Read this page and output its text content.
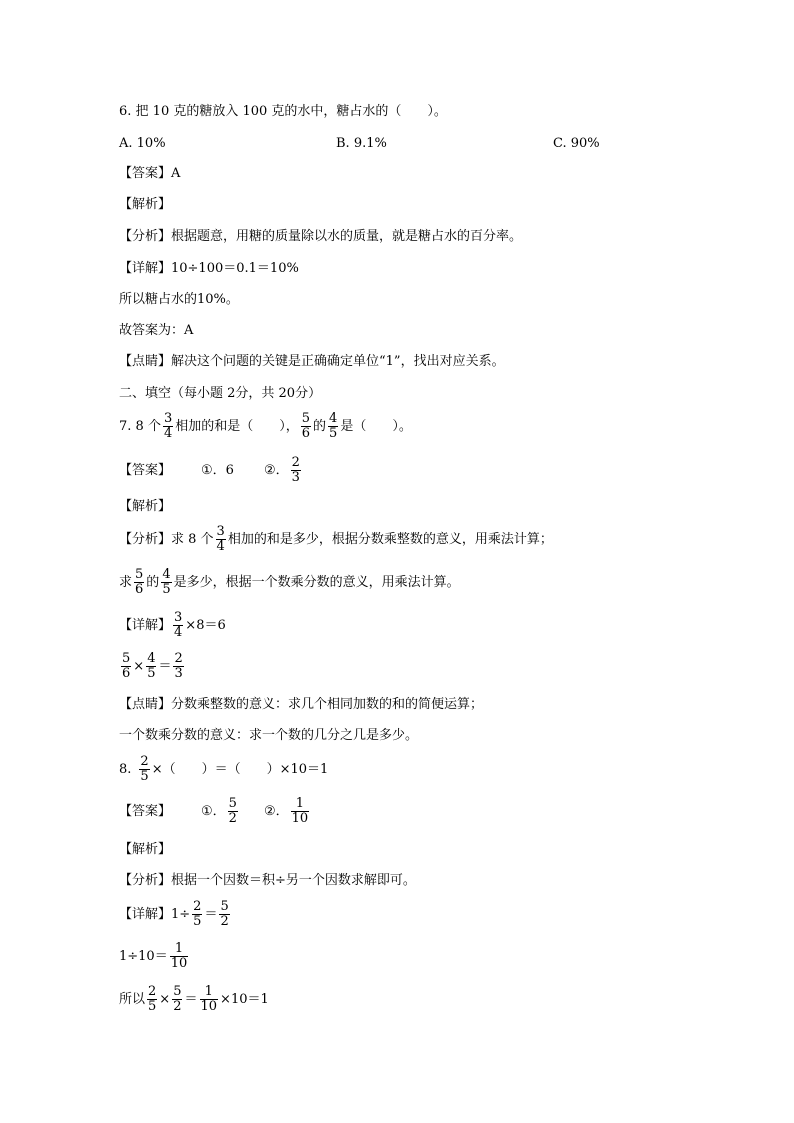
6. 把 10 克的糖放入 100 克的水中，糖占水的（　　）。
A. 10%	B. 9.1%	C. 90%
【答案】A
【解析】
【分析】根据题意，用糖的质量除以水的质量，就是糖占水的百分率。
【详解】10÷100＝0.1＝10%
所以糖占水的10%。
故答案为：A
【点睛】解决这个问题的关键是正确确定单位“1”，找出对应关系。
二、填空（每小题 2分，共 20分）
7. 8 个 $\frac{3}{4}$ 相加的和是（　　）， $\frac{5}{6}$ 的 $\frac{4}{5}$ 是（　　）。
【答案】 ①．6 ②． $\frac{2}{3}$
【解析】
【分析】求 8 个 $\frac{3}{4}$ 相加的和是多少，根据分数乘整数的意义，用乘法计算；
求 $\frac{5}{6}$ 的 $\frac{4}{5}$ 是多少，根据一个数乘分数的意义，用乘法计算。
【详解】 $\frac{3}{4} \times 8=6$
$\frac{5}{6} \times \frac{4}{5} = \frac{2}{3}$
【点睛】分数乘整数的意义：求几个相同加数的和的简便运算；
一个数乘分数的意义：求一个数的几分之几是多少。
8. $\frac{2}{5}$ ×（　　）＝（　　）×10＝1
【答案】 ①． $\frac{5}{2}$ ②． $\frac{1}{10}$
【解析】
【分析】根据一个因数＝积÷另一个因数求解即可。
【详解】$1\div \frac{2}{5} = \frac{5}{2}$
$1\div 10= \frac{1}{10}$
所以 $\frac{2}{5} \times \frac{5}{2} = \frac{1}{10} \times 10=1$
